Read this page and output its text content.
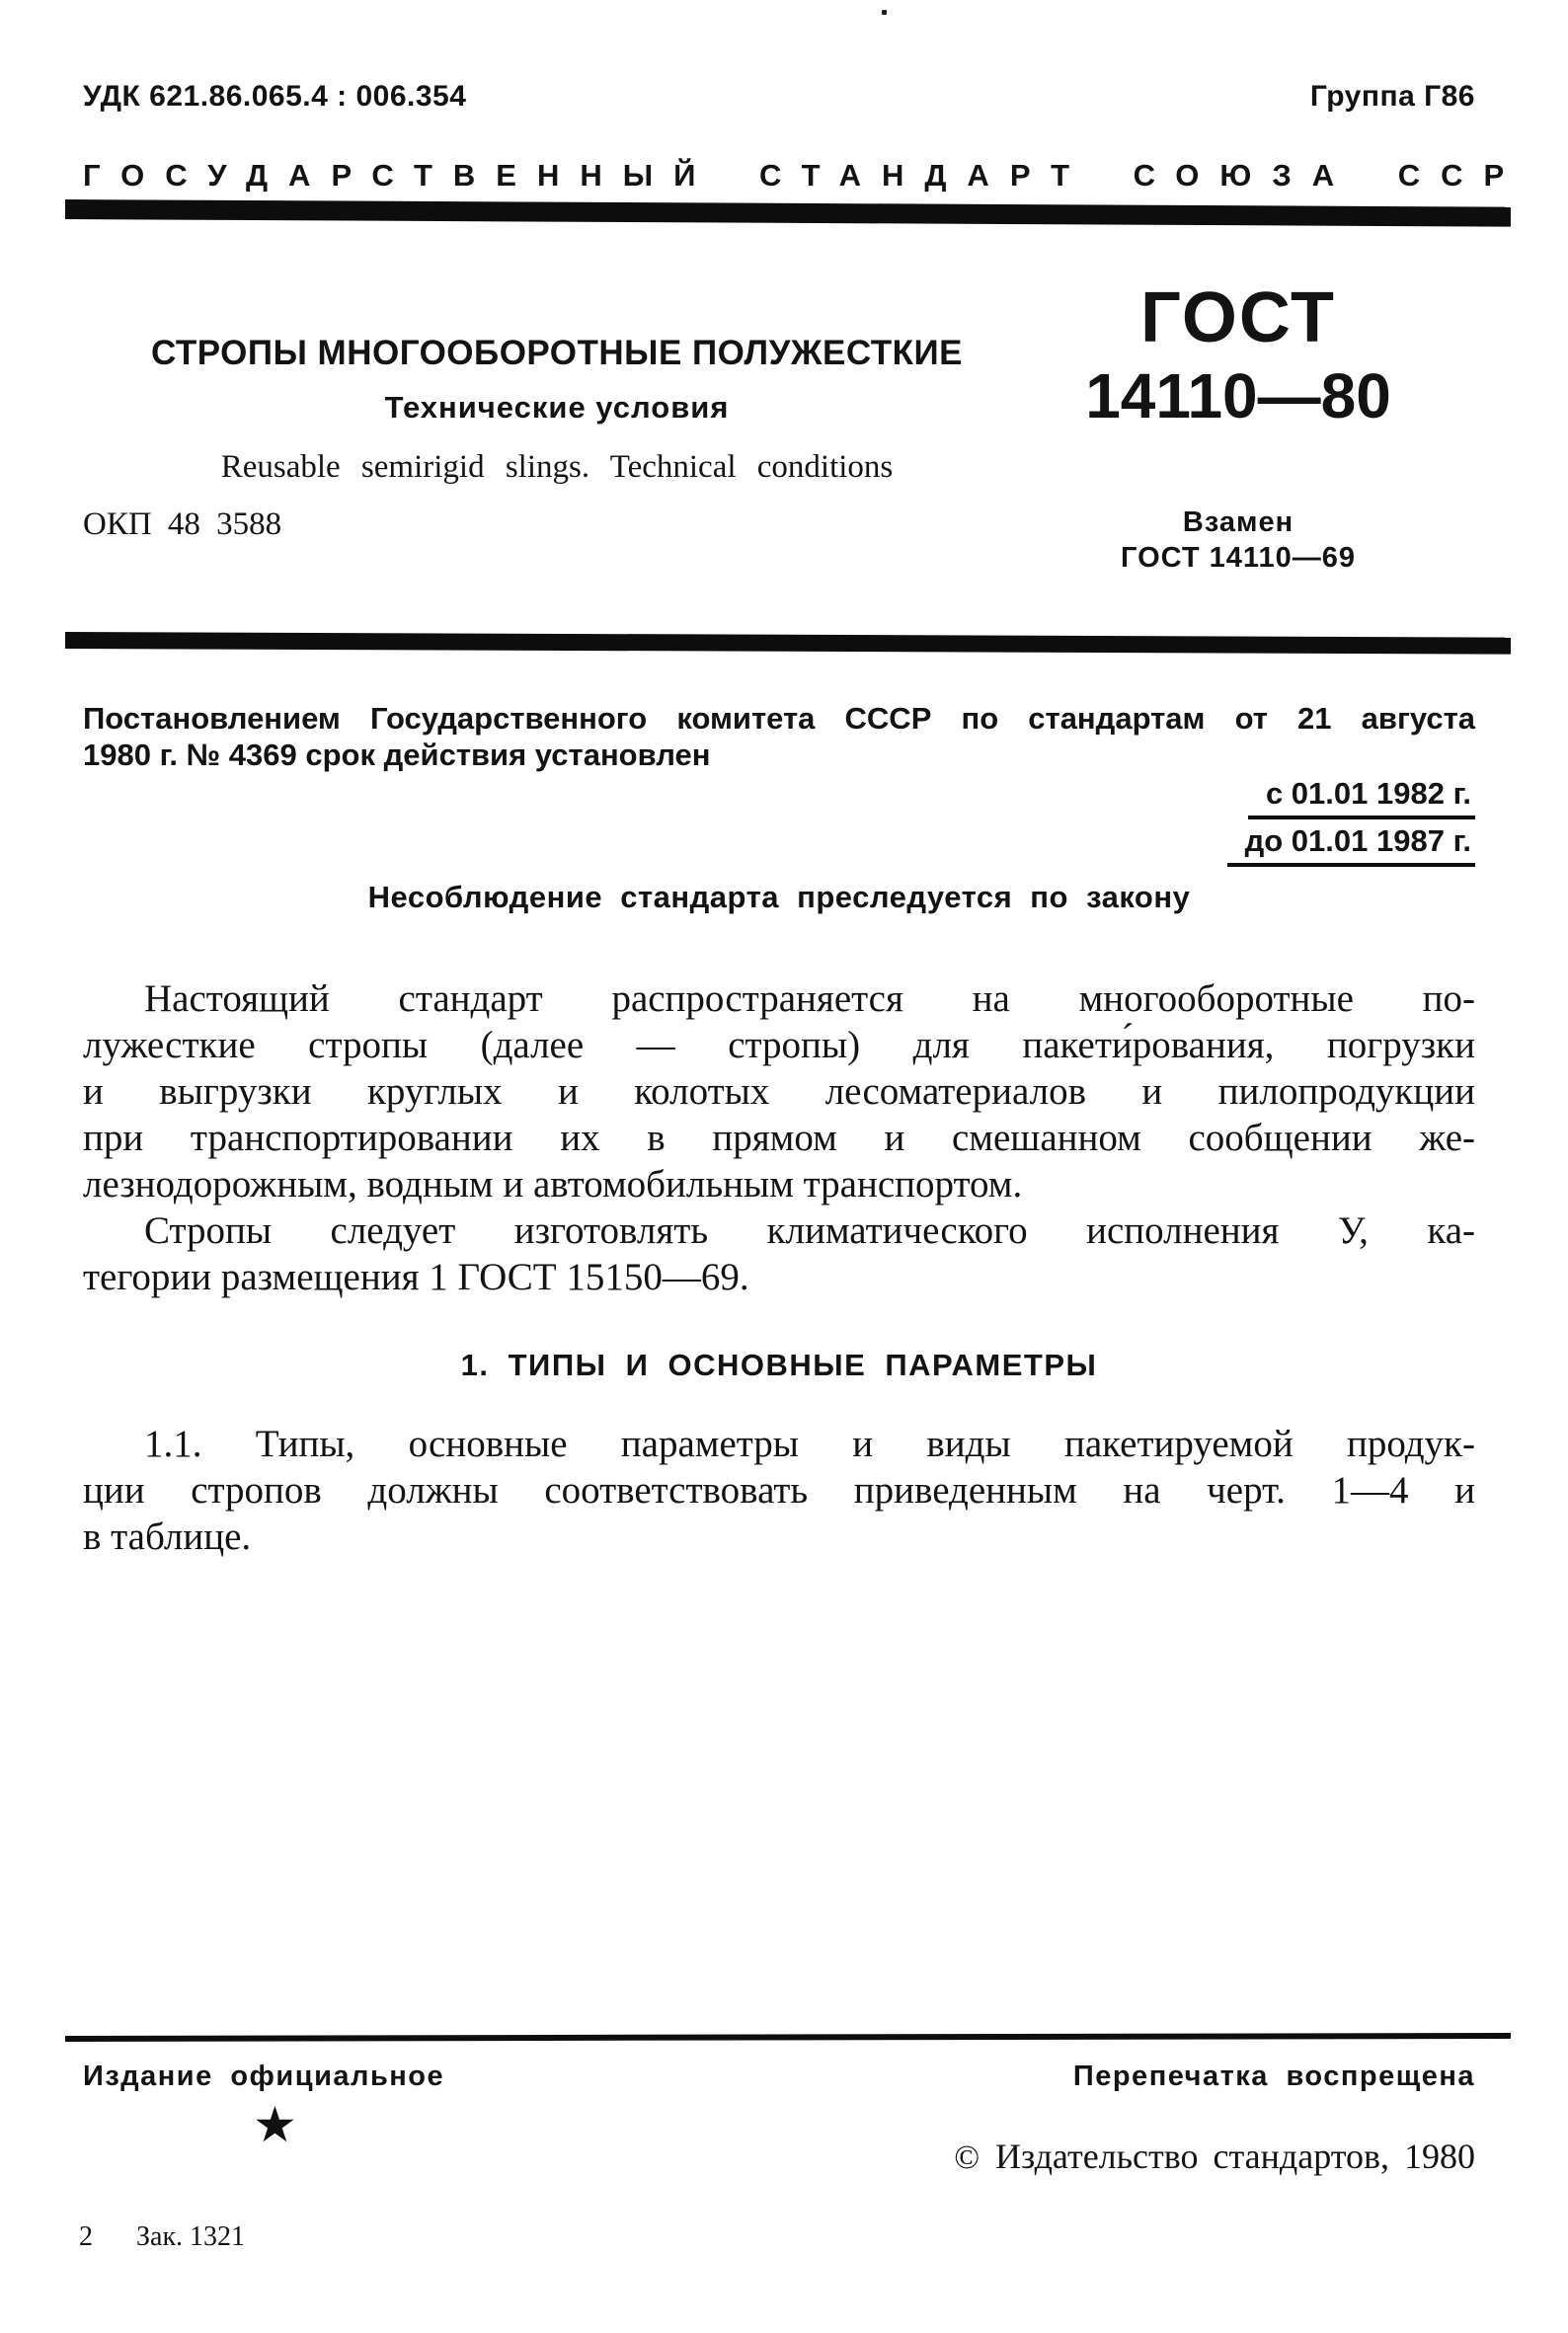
УДК 621.86.065.4 : 006.354	Группа Г86
ГОСУДАРСТВЕННЫЙ СТАНДАРТ СОЮЗА ССР
СТРОПЫ МНОГООБОРОТНЫЕ ПОЛУЖЕСТКИЕ
Технические условия
Reusable semirigid slings. Technical conditions
ОКП 48 3588
ГОСТ
14110—80
Взамен
ГОСТ 14110—69
Постановлением Государственного комитета СССР по стандартам от 21 августа
1980 г. № 4369 срок действия установлен
с 01.01 1982 г.
до 01.01 1987 г.
Несоблюдение стандарта преследуется по закону
Настоящий стандарт распространяется на многооборотные по-
лужесткие стропы (далее — стропы) для пакети́рования, погрузки
и выгрузки круглых и колотых лесоматериалов и пилопродукции
при транспортировании их в прямом и смешанном сообщении же-
лезнодорожным, водным и автомобильным транспортом.
Стропы следует изготовлять климатического исполнения У, ка-
тегории размещения 1 ГОСТ 15150—69.
1. ТИПЫ И ОСНОВНЫЕ ПАРАМЕТРЫ
1.1. Типы, основные параметры и виды пакетируемой продук-
ции стропов должны соответствовать приведенным на черт. 1—4 и
в таблице.
Издание официальное	Перепечатка воспрещена
★
© Издательство стандартов, 1980
2 Зак. 1321
